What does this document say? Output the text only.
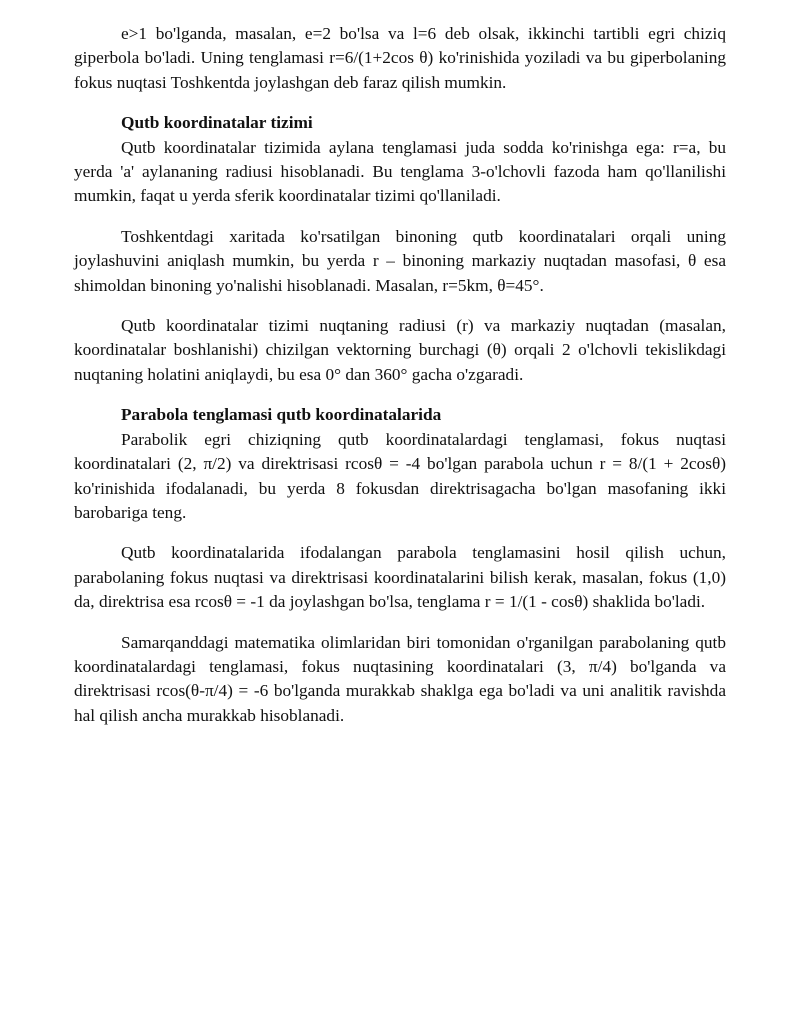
e>1 bo'lganda, masalan, e=2 bo'lsa va l=6 deb olsak, ikkinchi tartibli egri chiziq giperbola bo'ladi. Uning tenglamasi r=6/(1+2cos θ) ko'rinishida yoziladi va bu giperbolaning fokus nuqtasi Toshkentda joylashgan deb faraz qilish mumkin.

Qutb koordinatalar tizimi

Qutb koordinatalar tizimida aylana tenglamasi juda sodda ko'rinishga ega: r=a, bu yerda 'a' aylananing radiusi hisoblanadi. Bu tenglama 3-o'lchovli fazoda ham qo'llanilishi mumkin, faqat u yerda sferik koordinatalar tizimi qo'llaniladi.

Toshkentdagi xaritada ko'rsatilgan binoning qutb koordinatalari orqali uning joylashuvini aniqlash mumkin, bu yerda r – binoning markaziy nuqtadan masofasi, θ esa shimoldan binoning yo'nalishi hisoblanadi. Masalan, r=5km, θ=45°.

Qutb koordinatalar tizimi nuqtaning radiusi (r) va markaziy nuqtadan (masalan, koordinatalar boshlanishi) chizilgan vektorning burchagi (θ) orqali 2 o'lchovli tekislikdagi nuqtaning holatini aniqlaydi, bu esa 0° dan 360° gacha o'zgaradi.

Parabola tenglamasi qutb koordinatalarida

Parabolik egri chiziqning qutb koordinatalardagi tenglamasi, fokus nuqtasi koordinatalari (2, π/2) va direktrisasi rcosθ = -4 bo'lgan parabola uchun r = 8/(1 + 2cosθ) ko'rinishida ifodalanadi, bu yerda 8 fokusdan direktrisagacha bo'lgan masofaning ikki barobariga teng.

Qutb koordinatalarida ifodalangan parabola tenglamasini hosil qilish uchun, parabolaning fokus nuqtasi va direktrisasi koordinatalarini bilish kerak, masalan, fokus (1,0) da, direktrisa esa rcosθ = -1 da joylashgan bo'lsa, tenglama r = 1/(1 - cosθ) shaklida bo'ladi.

Samarqanddagi matematika olimlaridan biri tomonidan o'rganilgan parabolaning qutb koordinatalardagi tenglamasi, fokus nuqtasining koordinatalari (3, π/4) bo'lganda va direktrisasi rcos(θ-π/4) = -6 bo'lganda murakkab shaklga ega bo'ladi va uni analitik ravishda hal qilish ancha murakkab hisoblanadi.
